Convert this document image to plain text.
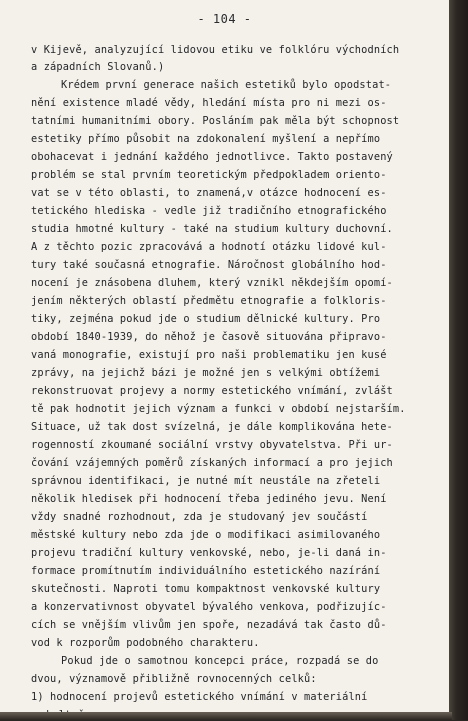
- 104 -
v Kijevě, analyzující lidovou etiku ve folklóru východních
a západních Slovanů.)
Krédem první generace našich estetiků bylo opodstat-
nění existence mladé vědy, hledání místa pro ni mezi os-
tatními humanitními obory. Posláním pak měla být schopnost
estetiky přímo působit na zdokonalení myšlení a nepřímo
obohacevat i jednání každého jednotlivce. Takto postavený
problém se stal prvním teoretickým předpokladem oriento-
vat se v této oblasti, to znamená,v otázce hodnocení es-
tetického hlediska - vedle již tradičního etnografického
studia hmotné kultury - také na studium kultury duchovní.
A z těchto pozic zpracovává a hodnotí otázku lidové kul-
tury také současná etnografie. Náročnost globálního hod-
nocení je znásobena dluhem, který vznikl někdejším opomí-
jením některých oblastí předmětu etnografie a folkloris-
tiky, zejména pokud jde o studium dělnické kultury. Pro
období 1840-1939, do něhož je časově situována připravo-
vaná monografie, existují pro naši problematiku jen kusé
zprávy, na jejichž bázi je možné jen s velkými obtížemi
rekonstruovat projevy a normy estetického vnímání, zvlášt
tě pak hodnotit jejich význam a funkci v období nejstarším.
Situace, už tak dost svízelná, je dále komplikována hete-
rogenností zkoumané sociální vrstvy obyvatelstva. Při ur-
čování vzájemných poměrů získaných informací a pro jejich
správnou identifikaci, je nutné mít neustále na zřeteli
několik hledisek při hodnocení třeba jediného jevu. Není
vždy snadné rozhodnout, zda je studovaný jev součástí
městské kultury nebo zda jde o modifikaci asimilovaného
projevu tradiční kultury venkovské, nebo, je-li daná in-
formace promítnutím individuálního estetického nazírání
skutečnosti. Naproti tomu kompaktnost venkovské kultury
a konzervativnost obyvatel bývalého venkova, podřizujíc-
cích se vnějším vlivům jen spoře, nezadává tak často dů-
vod k rozporům podobného charakteru.
Pokud jde o samotnou koncepci práce, rozpadá se do
dvou, významově přibližně rovnocenných celků:
1) hodnocení projevů estetického vnímání v materiální
